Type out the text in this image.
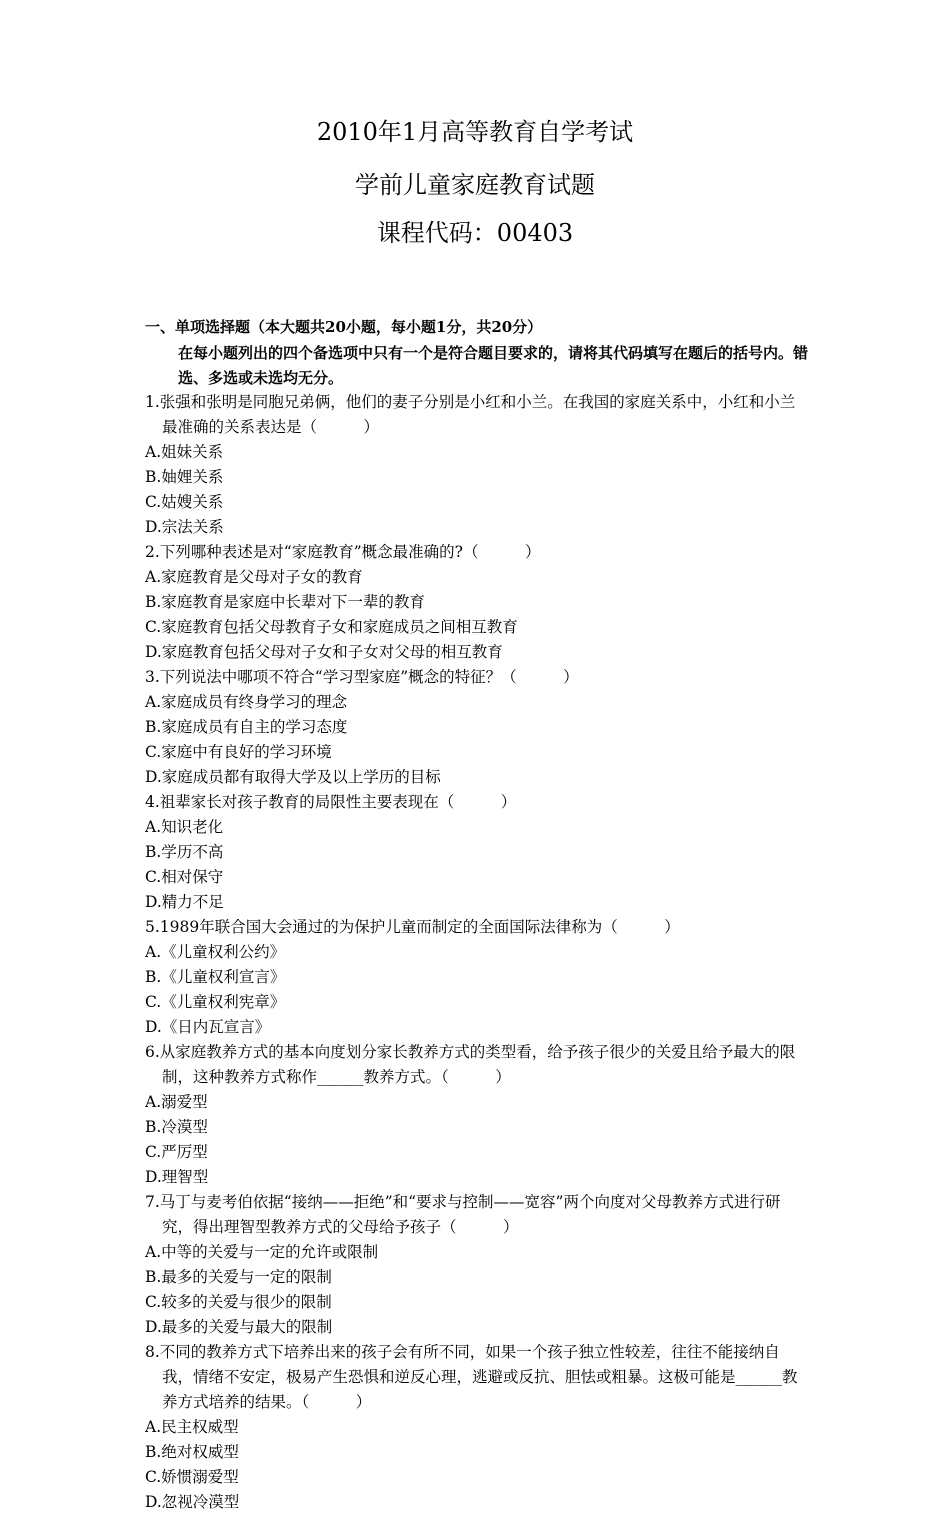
2010年1月高等教育自学考试
学前儿童家庭教育试题
课程代码：00403
一、单项选择题（本大题共20小题，每小题1分，共20分）
在每小题列出的四个备选项中只有一个是符合题目要求的，请将其代码填写在题后的括号内。错选、多选或未选均无分。
1.张强和张明是同胞兄弟俩，他们的妻子分别是小红和小兰。在我国的家庭关系中，小红和小兰最准确的关系表达是（　　　）
A.姐妹关系
B.妯娌关系
C.姑嫂关系
D.宗法关系
2.下列哪种表述是对“家庭教育”概念最准确的?（　　　）
A.家庭教育是父母对子女的教育
B.家庭教育是家庭中长辈对下一辈的教育
C.家庭教育包括父母教育子女和家庭成员之间相互教育
D.家庭教育包括父母对子女和子女对父母的相互教育
3.下列说法中哪项不符合“学习型家庭”概念的特征？（　　　）
A.家庭成员有终身学习的理念
B.家庭成员有自主的学习态度
C.家庭中有良好的学习环境
D.家庭成员都有取得大学及以上学历的目标
4.祖辈家长对孩子教育的局限性主要表现在（　　　）
A.知识老化
B.学历不高
C.相对保守
D.精力不足
5.1989年联合国大会通过的为保护儿童而制定的全面国际法律称为（　　　）
A.《儿童权利公约》
B.《儿童权利宣言》
C.《儿童权利宪章》
D.《日内瓦宣言》
6.从家庭教养方式的基本向度划分家长教养方式的类型看，给予孩子很少的关爱且给予最大的限制，这种教养方式称作______教养方式。（　　　）
A.溺爱型
B.冷漠型
C.严厉型
D.理智型
7.马丁与麦考伯依据“接纳——拒绝”和“要求与控制——宽容”两个向度对父母教养方式进行研究，得出理智型教养方式的父母给予孩子（　　　）
A.中等的关爱与一定的允许或限制
B.最多的关爱与一定的限制
C.较多的关爱与很少的限制
D.最多的关爱与最大的限制
8.不同的教养方式下培养出来的孩子会有所不同，如果一个孩子独立性较差，往往不能接纳自我，情绪不安定，极易产生恐惧和逆反心理，逃避或反抗、胆怯或粗暴。这极可能是______教养方式培养的结果。（　　　）
A.民主权威型
B.绝对权威型
C.娇惯溺爱型
D.忽视冷漠型
